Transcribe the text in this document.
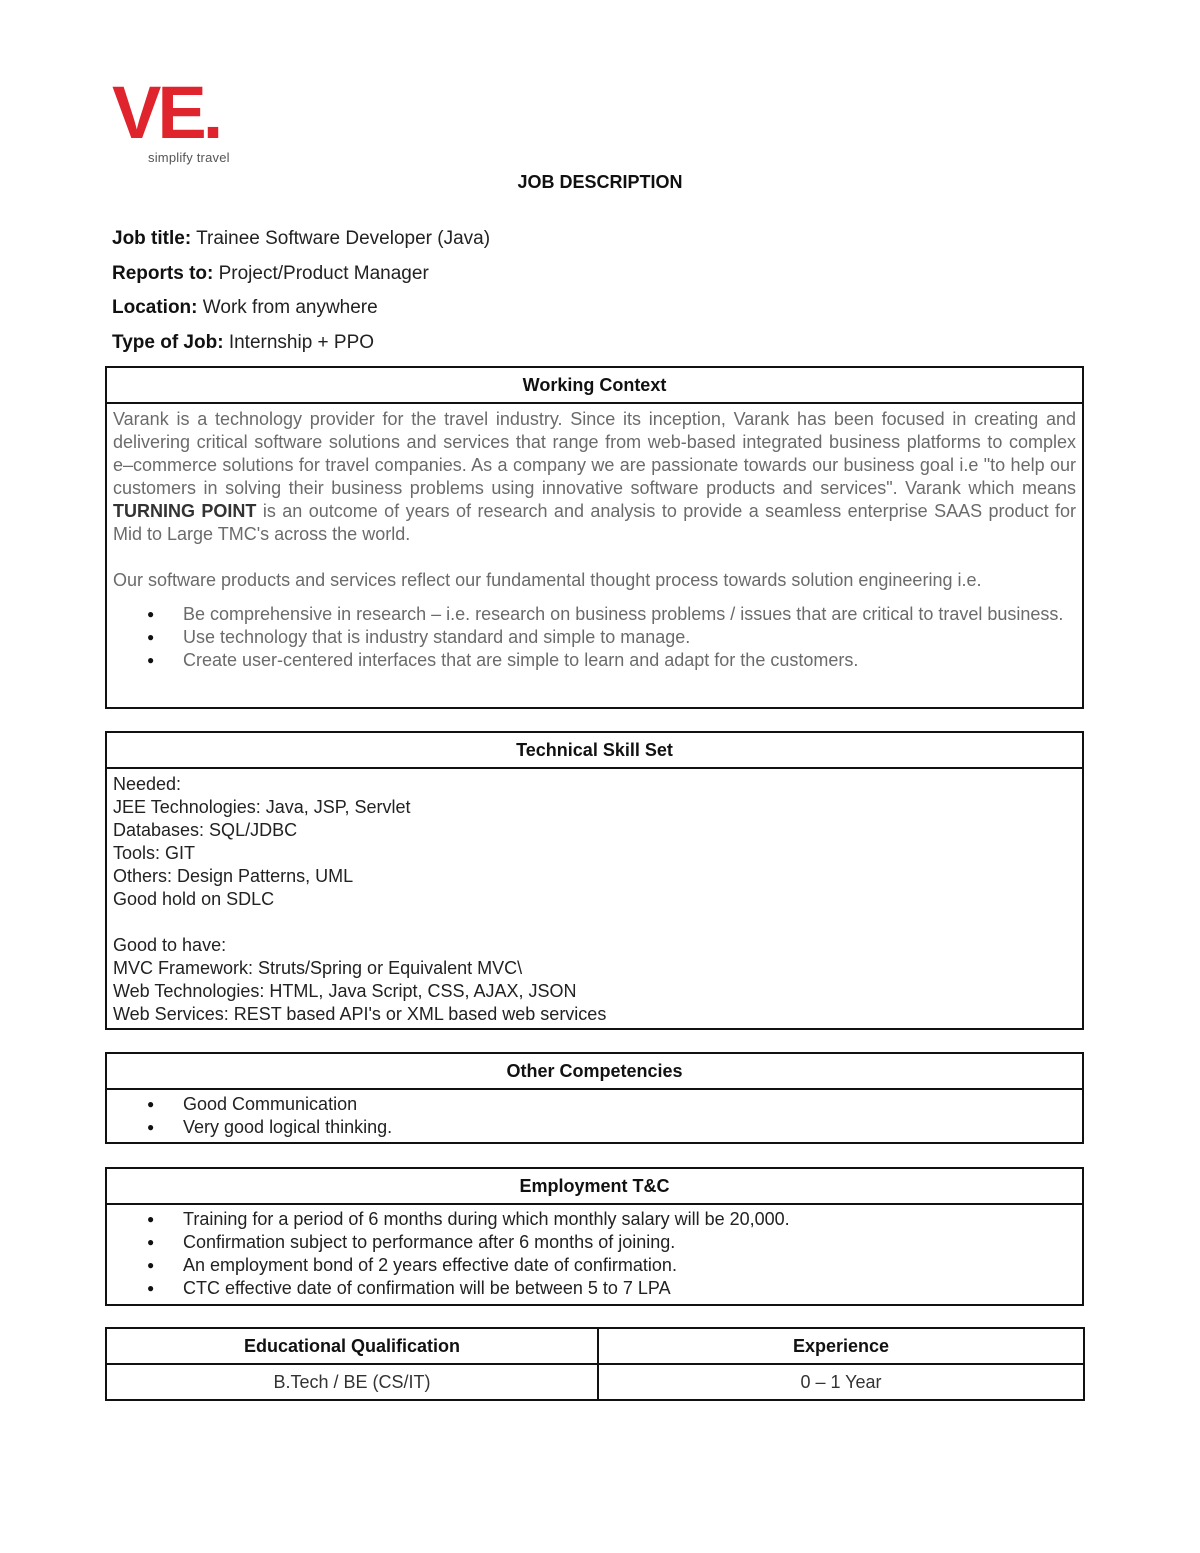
VE.
simplify travel
JOB DESCRIPTION
Job title: Trainee Software Developer (Java)
Reports to: Project/Product Manager
Location: Work from anywhere
Type of Job: Internship + PPO
Working Context
Varank is a technology provider for the travel industry. Since its inception, Varank has been focused in creating and delivering critical software solutions and services that range from web-based integrated business platforms to complex e–commerce solutions for travel companies. As a company we are passionate towards our business goal i.e "to help our customers in solving their business problems using innovative software products and services". Varank which means TURNING POINT is an outcome of years of research and analysis to provide a seamless enterprise SAAS product for Mid to Large TMC's across the world.
Our software products and services reflect our fundamental thought process towards solution engineering i.e.
● Be comprehensive in research – i.e. research on business problems / issues that are critical to travel business.
● Use technology that is industry standard and simple to manage.
● Create user-centered interfaces that are simple to learn and adapt for the customers.
Technical Skill Set
Needed:
JEE Technologies: Java, JSP, Servlet
Databases: SQL/JDBC
Tools: GIT
Others: Design Patterns, UML
Good hold on SDLC
Good to have:
MVC Framework: Struts/Spring or Equivalent MVC\
Web Technologies: HTML, Java Script, CSS, AJAX, JSON
Web Services: REST based API's or XML based web services
Other Competencies
● Good Communication
● Very good logical thinking.
Employment T&C
● Training for a period of 6 months during which monthly salary will be 20,000.
● Confirmation subject to performance after 6 months of joining.
● An employment bond of 2 years effective date of confirmation.
● CTC effective date of confirmation will be between 5 to 7 LPA
Educational Qualification	Experience
B.Tech / BE (CS/IT)	0 – 1 Year
